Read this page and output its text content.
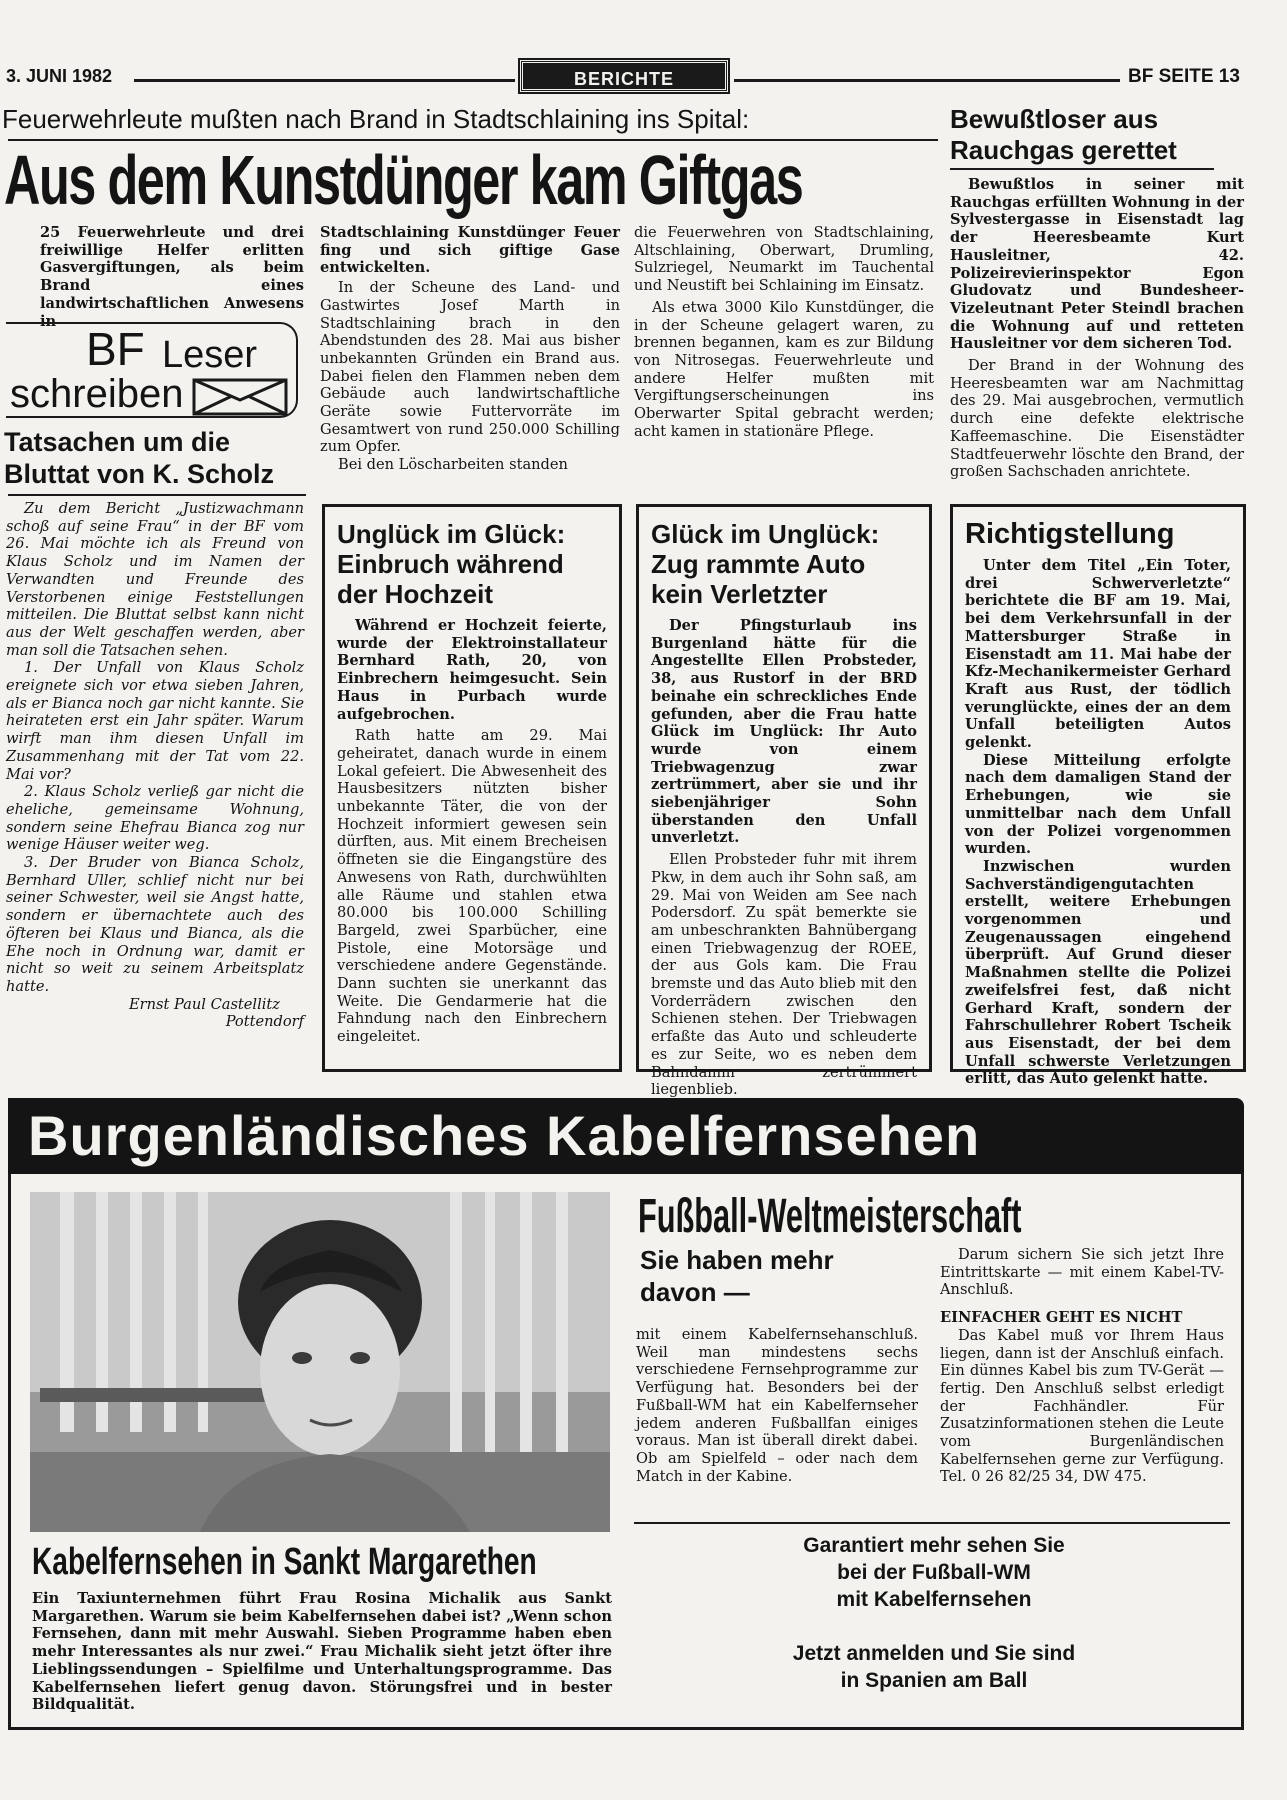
3. JUNI 1982	BERICHTE	BF SEITE 13
Feuerwehrleute mußten nach Brand in Stadtschlaining ins Spital:
Aus dem Kunstdünger kam Giftgas

25 Feuerwehrleute und drei freiwillige Helfer erlitten Gasvergiftungen, als beim Brand eines landwirtschaftlichen Anwesens in

Stadtschlaining Kunstdünger Feuer fing und sich giftige Gase entwickelten.

In der Scheune des Land- und Gastwirtes Josef Marth in Stadtschlaining brach in den Abendstunden des 28. Mai aus bisher unbekannten Gründen ein Brand aus. Dabei fielen den Flammen neben dem Gebäude auch landwirtschaftliche Geräte sowie Futtervorräte im Gesamtwert von rund 250.000 Schilling zum Opfer.

Bei den Löscharbeiten standen

die Feuerwehren von Stadtschlaining, Altschlaining, Oberwart, Drumling, Sulzriegel, Neumarkt im Tauchental und Neustift bei Schlaining im Einsatz.

Als etwa 3000 Kilo Kunstdünger, die in der Scheune gelagert waren, zu brennen begannen, kam es zur Bildung von Nitrosegas. Feuerwehrleute und andere Helfer mußten mit Vergiftungserscheinungen ins Oberwarter Spital gebracht werden; acht kamen in stationäre Pflege.

BF Leser
schreiben
Tatsachen um die
Bluttat von K. Scholz

Zu dem Bericht „Justizwachmann schoß auf seine Frau“ in der BF vom 26. Mai möchte ich als Freund von Klaus Scholz und im Namen der Verwandten und Freunde des Verstorbenen einige Feststellungen mitteilen. Die Bluttat selbst kann nicht aus der Welt geschaffen werden, aber man soll die Tatsachen sehen.

1. Der Unfall von Klaus Scholz ereignete sich vor etwa sieben Jahren, als er Bianca noch gar nicht kannte. Sie heirateten erst ein Jahr später. Warum wirft man ihm diesen Unfall im Zusammenhang mit der Tat vom 22. Mai vor?

2. Klaus Scholz verließ gar nicht die eheliche, gemeinsame Wohnung, sondern seine Ehefrau Bianca zog nur wenige Häuser weiter weg.

3. Der Bruder von Bianca Scholz, Bernhard Uller, schlief nicht nur bei seiner Schwester, weil sie Angst hatte, sondern er übernachtete auch des öfteren bei Klaus und Bianca, als die Ehe noch in Ordnung war, damit er nicht so weit zu seinem Arbeitsplatz hatte.

Ernst Paul Castellitz

Pottendorf

Bewußtloser aus
Rauchgas gerettet

Bewußtlos in seiner mit Rauchgas erfüllten Wohnung in der Sylvestergasse in Eisenstadt lag der Heeresbeamte Kurt Hausleitner, 42. Polizeirevierinspektor Egon Gludovatz und Bundesheer-Vizeleutnant Peter Steindl brachen die Wohnung auf und retteten Hausleitner vor dem sicheren Tod.

Der Brand in der Wohnung des Heeresbeamten war am Nachmittag des 29. Mai ausgebrochen, vermutlich durch eine defekte elektrische Kaffeemaschine. Die Eisenstädter Stadtfeuerwehr löschte den Brand, der großen Sachschaden anrichtete.

Unglück im Glück:
Einbruch während
der Hochzeit

Während er Hochzeit feierte, wurde der Elektroinstallateur Bernhard Rath, 20, von Einbrechern heimgesucht. Sein Haus in Purbach wurde aufgebrochen.

Rath hatte am 29. Mai geheiratet, danach wurde in einem Lokal gefeiert. Die Abwesenheit des Hausbesitzers nützten bisher unbekannte Täter, die von der Hochzeit informiert gewesen sein dürften, aus. Mit einem Brecheisen öffneten sie die Eingangstüre des Anwesens von Rath, durchwühlten alle Räume und stahlen etwa 80.000 bis 100.000 Schilling Bargeld, zwei Sparbücher, eine Pistole, eine Motorsäge und verschiedene andere Gegenstände. Dann suchten sie unerkannt das Weite. Die Gendarmerie hat die Fahndung nach den Einbrechern eingeleitet.

Glück im Unglück:
Zug rammte Auto
kein Verletzter

Der Pfingsturlaub ins Burgenland hätte für die Angestellte Ellen Probsteder, 38, aus Rustorf in der BRD beinahe ein schreckliches Ende gefunden, aber die Frau hatte Glück im Unglück: Ihr Auto wurde von einem Triebwagenzug zwar zertrümmert, aber sie und ihr siebenjähriger Sohn überstanden den Unfall unverletzt.

Ellen Probsteder fuhr mit ihrem Pkw, in dem auch ihr Sohn saß, am 29. Mai von Weiden am See nach Podersdorf. Zu spät bemerkte sie am unbeschrankten Bahnübergang einen Triebwagenzug der ROEE, der aus Gols kam. Die Frau bremste und das Auto blieb mit den Vorderrädern zwischen den Schienen stehen. Der Triebwagen erfaßte das Auto und schleuderte es zur Seite, wo es neben dem Bahndamm zertrümmert liegenblieb.

Richtigstellung

Unter dem Titel „Ein Toter, drei Schwerverletzte“ berichtete die BF am 19. Mai, bei dem Verkehrsunfall in der Mattersburger Straße in Eisenstadt am 11. Mai habe der Kfz-Mechanikermeister Gerhard Kraft aus Rust, der tödlich verunglückte, eines der an dem Unfall beteiligten Autos gelenkt.

Diese Mitteilung erfolgte nach dem damaligen Stand der Erhebungen, wie sie unmittelbar nach dem Unfall von der Polizei vorgenommen wurden.

Inzwischen wurden Sachverständigengutachten erstellt, weitere Erhebungen vorgenommen und Zeugenaussagen eingehend überprüft. Auf Grund dieser Maßnahmen stellte die Polizei zweifelsfrei fest, daß nicht Gerhard Kraft, sondern der Fahrschullehrer Robert Tscheik aus Eisenstadt, der bei dem Unfall schwerste Verletzungen erlitt, das Auto gelenkt hatte.

Burgenländisches Kabelfernsehen
Kabelfernsehen in Sankt Margarethen

Ein Taxiunternehmen führt Frau Rosina Michalik aus Sankt Margarethen. Warum sie beim Kabelfernsehen dabei ist? „Wenn schon Fernsehen, dann mit mehr Auswahl. Sieben Programme haben eben mehr Interessantes als nur zwei.“ Frau Michalik sieht jetzt öfter ihre Lieblingssendungen – Spielfilme und Unterhaltungsprogramme. Das Kabelfernsehen liefert genug davon. Störungsfrei und in bester Bildqualität.

Fußball-Weltmeisterschaft
Sie haben mehr
davon —

mit einem Kabelfernsehanschluß. Weil man mindestens sechs verschiedene Fernsehprogramme zur Verfügung hat. Besonders bei der Fußball-WM hat ein Kabelfernseher jedem anderen Fußballfan einiges voraus. Man ist überall direkt dabei. Ob am Spielfeld – oder nach dem Match in der Kabine.

Darum sichern Sie sich jetzt Ihre Eintrittskarte — mit einem Kabel-TV-Anschluß.

EINFACHER GEHT ES NICHT

Das Kabel muß vor Ihrem Haus liegen, dann ist der Anschluß einfach. Ein dünnes Kabel bis zum TV-Gerät — fertig. Den Anschluß selbst erledigt der Fachhändler. Für Zusatzinformationen stehen die Leute vom Burgenländischen Kabelfernsehen gerne zur Verfügung. Tel. 0 26 82/25 34, DW 475.

Garantiert mehr sehen Sie
bei der Fußball-WM
mit Kabelfernsehen
Jetzt anmelden und Sie sind
in Spanien am Ball
